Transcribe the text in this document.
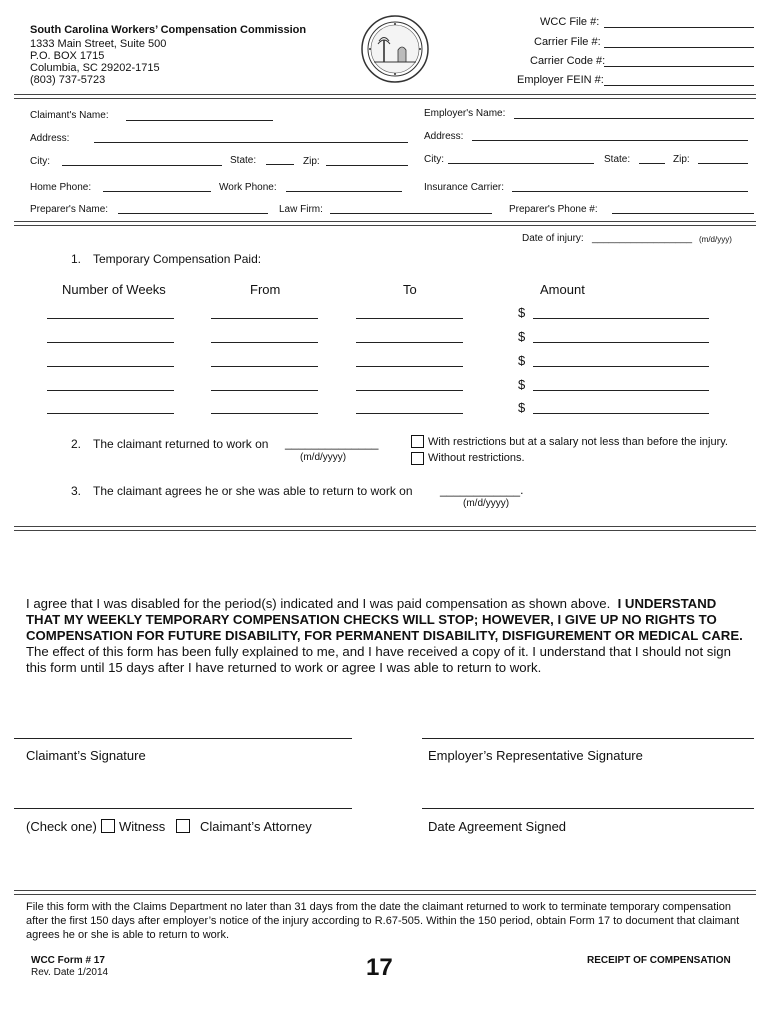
South Carolina Workers’ Compensation Commission
1333 Main Street, Suite 500
P.O. BOX 1715
Columbia, SC 29202-1715
(803) 737-5723
WCC File #:
Carrier File #:
Carrier Code #:
Employer FEIN #:
Claimant's Name:	Employer's Name:
Address:	Address:
City:	State:	Zip:	City:	State:	Zip:
Home Phone:	Work Phone:	Insurance Carrier:
Preparer's Name:	Law Firm:	Preparer's Phone #:
Date of injury: __________________ (m/d/yyy)
1. Temporary Compensation Paid:
Number of Weeks	From	To	Amount
$
$
$
$
$
2. The claimant returned to work on ______________
(m/d/yyyy)
With restrictions but at a salary not less than before the injury.
Without restrictions.
3. The claimant agrees he or she was able to return to work on ____________.
(m/d/yyyy)
I agree that I was disabled for the period(s) indicated and I was paid compensation as shown above. I UNDERSTAND THAT MY WEEKLY TEMPORARY COMPENSATION CHECKS WILL STOP; HOWEVER, I GIVE UP NO RIGHTS TO COMPENSATION FOR FUTURE DISABILITY, FOR PERMANENT DISABILITY, DISFIGUREMENT OR MEDICAL CARE. The effect of this form has been fully explained to me, and I have received a copy of it. I understand that I should not sign this form until 15 days after I have returned to work or agree I was able to return to work.
Claimant’s Signature	Employer’s Representative Signature
(Check one) Witness	Claimant’s Attorney	Date Agreement Signed
File this form with the Claims Department no later than 31 days from the date the claimant returned to work to terminate temporary compensation after the first 150 days after employer’s notice of the injury according to R.67-505. Within the 150 period, obtain Form 17 to document that claimant agrees he or she is able to return to work.
WCC Form # 17
Rev. Date 1/2014	17	RECEIPT OF COMPENSATION
